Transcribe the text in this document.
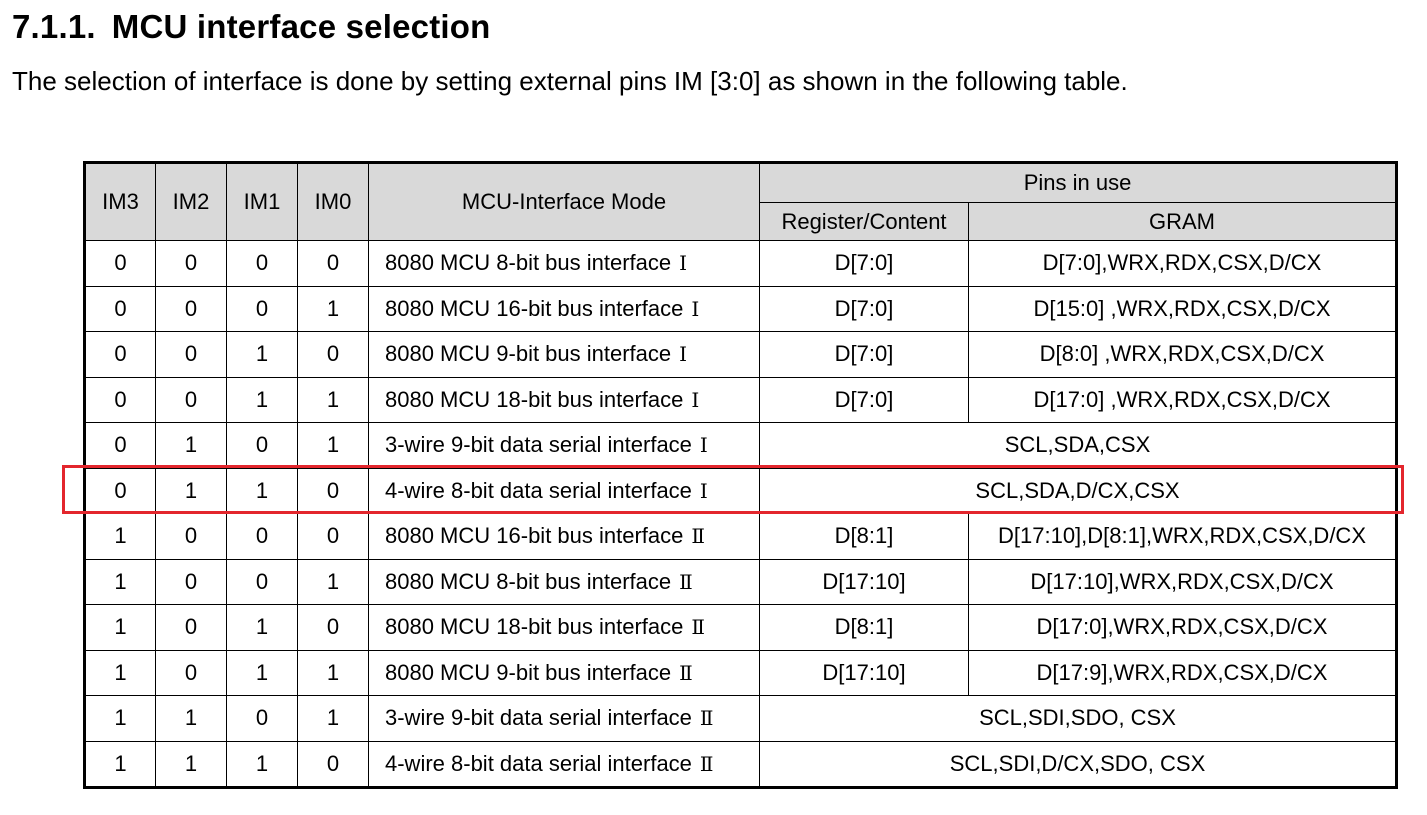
7.1.1. MCU interface selection

The selection of interface is done by setting external pins IM [3:0] as shown in the following table.

IM3	IM2	IM1	IM0	MCU-Interface Mode	Pins in use	
					Register/Content	GRAM
0	0	0	0	8080 MCU 8-bit bus interface Ⅰ	D[7:0]	D[7:0],WRX,RDX,CSX,D/CX
0	0	0	1	8080 MCU 16-bit bus interface Ⅰ	D[7:0]	D[15:0] ,WRX,RDX,CSX,D/CX
0	0	1	0	8080 MCU 9-bit bus interface Ⅰ	D[7:0]	D[8:0] ,WRX,RDX,CSX,D/CX
0	0	1	1	8080 MCU 18-bit bus interface Ⅰ	D[7:0]	D[17:0] ,WRX,RDX,CSX,D/CX
0	1	0	1	3-wire 9-bit data serial interface Ⅰ	SCL,SDA,CSX	
0	1	1	0	4-wire 8-bit data serial interface Ⅰ	SCL,SDA,D/CX,CSX	
1	0	0	0	8080 MCU 16-bit bus interface Ⅱ	D[8:1]	D[17:10],D[8:1],WRX,RDX,CSX,D/CX
1	0	0	1	8080 MCU 8-bit bus interface Ⅱ	D[17:10]	D[17:10],WRX,RDX,CSX,D/CX
1	0	1	0	8080 MCU 18-bit bus interface Ⅱ	D[8:1]	D[17:0],WRX,RDX,CSX,D/CX
1	0	1	1	8080 MCU 9-bit bus interface Ⅱ	D[17:10]	D[17:9],WRX,RDX,CSX,D/CX
1	1	0	1	3-wire 9-bit data serial interface Ⅱ	SCL,SDI,SDO, CSX	
1	1	1	0	4-wire 8-bit data serial interface Ⅱ	SCL,SDI,D/CX,SDO, CSX	
